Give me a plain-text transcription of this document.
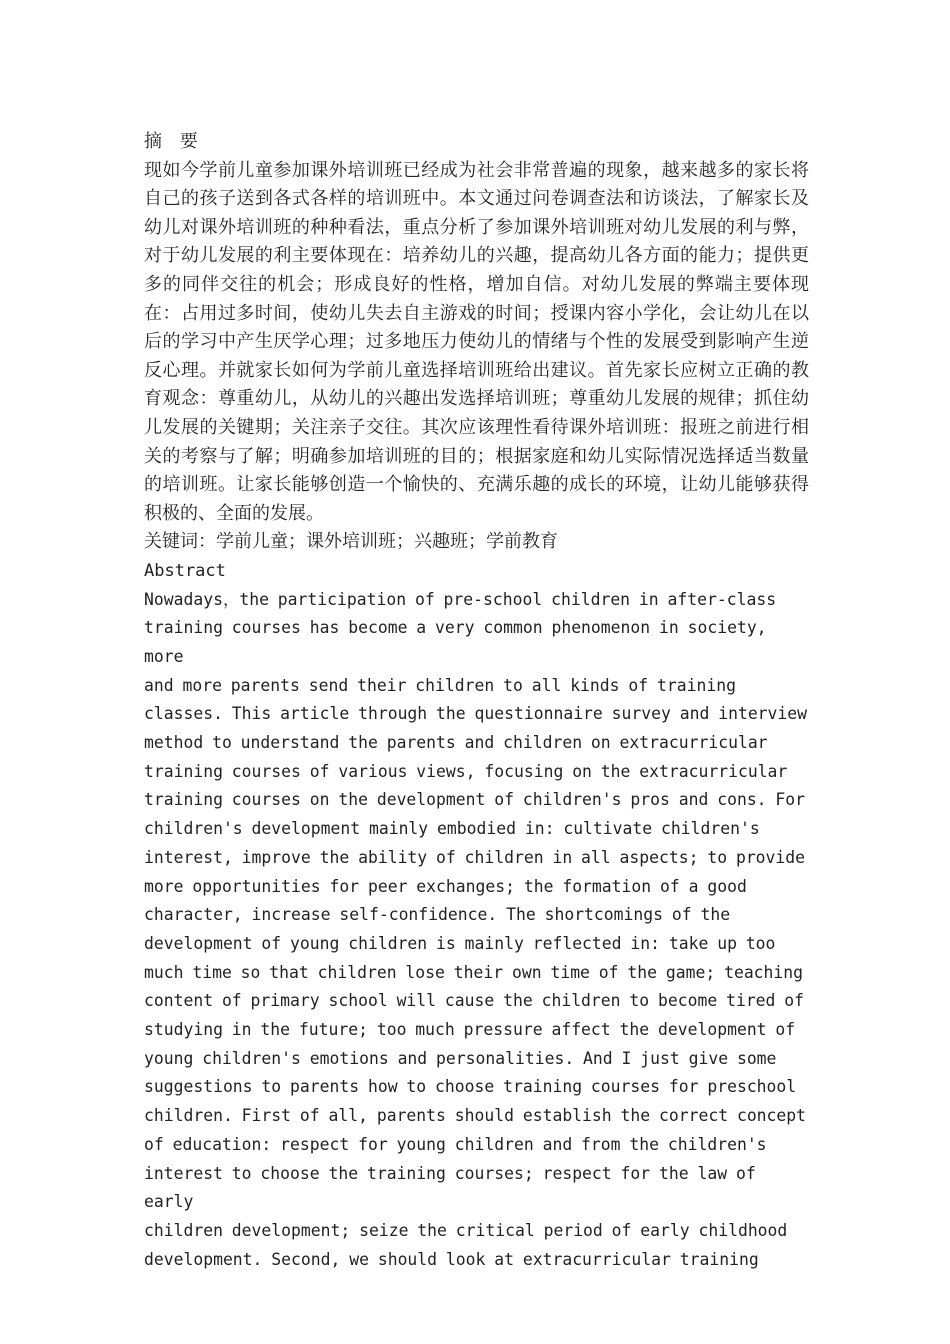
摘 要

现如今学前儿童参加课外培训班已经成为社会非常普遍的现象，越来越多的家长将自己的孩子送到各式各样的培训班中。本文通过问卷调查法和访谈法，了解家长及幼儿对课外培训班的种种看法，重点分析了参加课外培训班对幼儿发展的利与弊，对于幼儿发展的利主要体现在：培养幼儿的兴趣，提高幼儿各方面的能力；提供更多的同伴交往的机会；形成良好的性格，增加自信。对幼儿发展的弊端主要体现在：占用过多时间，使幼儿失去自主游戏的时间；授课内容小学化，会让幼儿在以后的学习中产生厌学心理；过多地压力使幼儿的情绪与个性的发展受到影响产生逆反心理。并就家长如何为学前儿童选择培训班给出建议。首先家长应树立正确的教育观念：尊重幼儿，从幼儿的兴趣出发选择培训班；尊重幼儿发展的规律；抓住幼儿发展的关键期；关注亲子交往。其次应该理性看待课外培训班：报班之前进行相关的考察与了解；明确参加培训班的目的；根据家庭和幼儿实际情况选择适当数量的培训班。让家长能够创造一个愉快的、充满乐趣的成长的环境，让幼儿能够获得积极的、全面的发展。

关键词：学前儿童；课外培训班；兴趣班；学前教育

Abstract

Nowadays，the participation of pre-school children in after-class
training courses has become a very common phenomenon in society, more
and more parents send their children to all kinds of training
classes. This article through the questionnaire survey and interview
method to understand the parents and children on extracurricular
training courses of various views, focusing on the extracurricular
training courses on the development of children's pros and cons. For
children's development mainly embodied in: cultivate children's
interest, improve the ability of children in all aspects; to provide
more opportunities for peer exchanges; the formation of a good
character, increase self-confidence. The shortcomings of the
development of young children is mainly reflected in: take up too
much time so that children lose their own time of the game; teaching
content of primary school will cause the children to become tired of
studying in the future; too much pressure affect the development of
young children's emotions and personalities. And I just give some
suggestions to parents how to choose training courses for preschool
children. First of all, parents should establish the correct concept
of education: respect for young children and from the children's
interest to choose the training courses; respect for the law of early
children development; seize the critical period of early childhood
development. Second, we should look at extracurricular training
